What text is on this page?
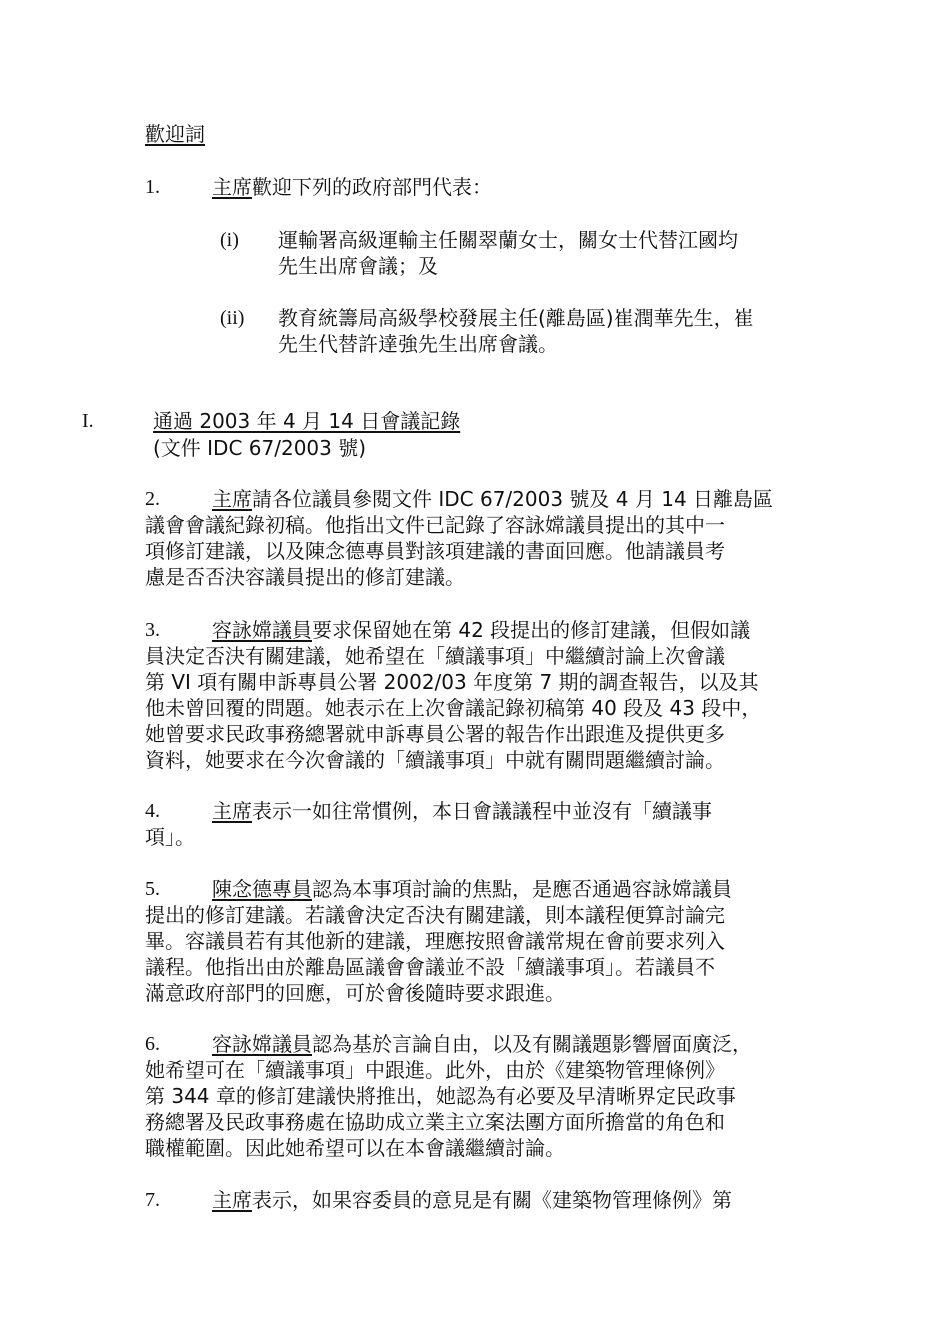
歡迎詞
1.	主席歡迎下列的政府部門代表：
(i) 運輸署高級運輸主任關翠蘭女士，關女士代替江國均
先生出席會議；及
(ii) 教育統籌局高級學校發展主任(離島區)崔潤華先生，崔
先生代替許達強先生出席會議。
I.	通過 2003 年 4 月 14 日會議記錄
(文件 IDC 67/2003 號)
2.	主席請各位議員參閱文件 IDC 67/2003 號及 4 月 14 日離島區
議會會議紀錄初稿。他指出文件已記錄了容詠嫦議員提出的其中一
項修訂建議，以及陳念德專員對該項建議的書面回應。他請議員考
慮是否否決容議員提出的修訂建議。
3.	容詠嫦議員要求保留她在第 42 段提出的修訂建議，但假如議
員決定否決有關建議，她希望在「續議事項」中繼續討論上次會議
第 VI 項有關申訴專員公署 2002/03 年度第 7 期的調查報告，以及其
他未曾回覆的問題。她表示在上次會議記錄初稿第 40 段及 43 段中，
她曾要求民政事務總署就申訴專員公署的報告作出跟進及提供更多
資料，她要求在今次會議的「續議事項」中就有關問題繼續討論。
4.	主席表示一如往常慣例，本日會議議程中並沒有「續議事
項」。
5.	陳念德專員認為本事項討論的焦點，是應否通過容詠嫦議員
提出的修訂建議。若議會決定否決有關建議，則本議程便算討論完
畢。容議員若有其他新的建議，理應按照會議常規在會前要求列入
議程。他指出由於離島區議會會議並不設「續議事項」。若議員不
滿意政府部門的回應，可於會後隨時要求跟進。
6.	容詠嫦議員認為基於言論自由，以及有關議題影響層面廣泛，
她希望可在「續議事項」中跟進。此外，由於《建築物管理條例》
第 344 章的修訂建議快將推出，她認為有必要及早清晰界定民政事
務總署及民政事務處在協助成立業主立案法團方面所擔當的角色和
職權範圍。因此她希望可以在本會議繼續討論。
7.	主席表示，如果容委員的意見是有關《建築物管理條例》第
